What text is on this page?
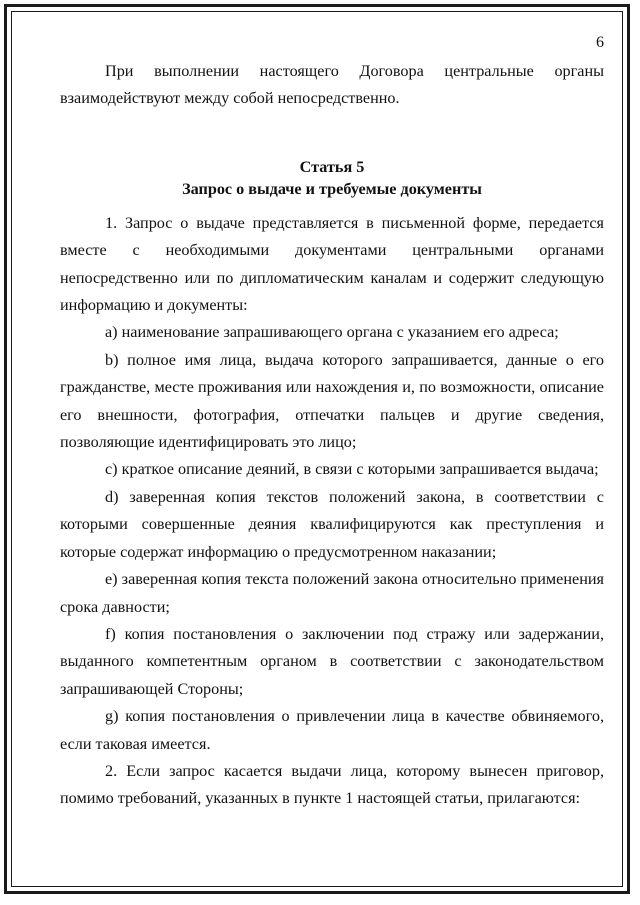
6

При выполнении настоящего Договора центральные органы взаимодействуют между собой непосредственно.

Статья 5

Запрос о выдаче и требуемые документы

1. Запрос о выдаче представляется в письменной форме, передается вместе с необходимыми документами центральными органами непосредственно или по дипломатическим каналам и содержит следующую информацию и документы:

а) наименование запрашивающего органа с указанием его адреса;

b) полное имя лица, выдача которого запрашивается, данные о его гражданстве, месте проживания или нахождения и, по возможности, описание его внешности, фотография, отпечатки пальцев и другие сведения, позволяющие идентифицировать это лицо;

с) краткое описание деяний, в связи с которыми запрашивается выдача;

d) заверенная копия текстов положений закона, в соответствии с которыми совершенные деяния квалифицируются как преступления и которые содержат информацию о предусмотренном наказании;

е) заверенная копия текста положений закона относительно применения срока давности;

f) копия постановления о заключении под стражу или задержании, выданного компетентным органом в соответствии с законодательством запрашивающей Стороны;

g) копия постановления о привлечении лица в качестве обвиняемого, если таковая имеется.

2. Если запрос касается выдачи лица, которому вынесен приговор, помимо требований, указанных в пункте 1 настоящей статьи, прилагаются:
